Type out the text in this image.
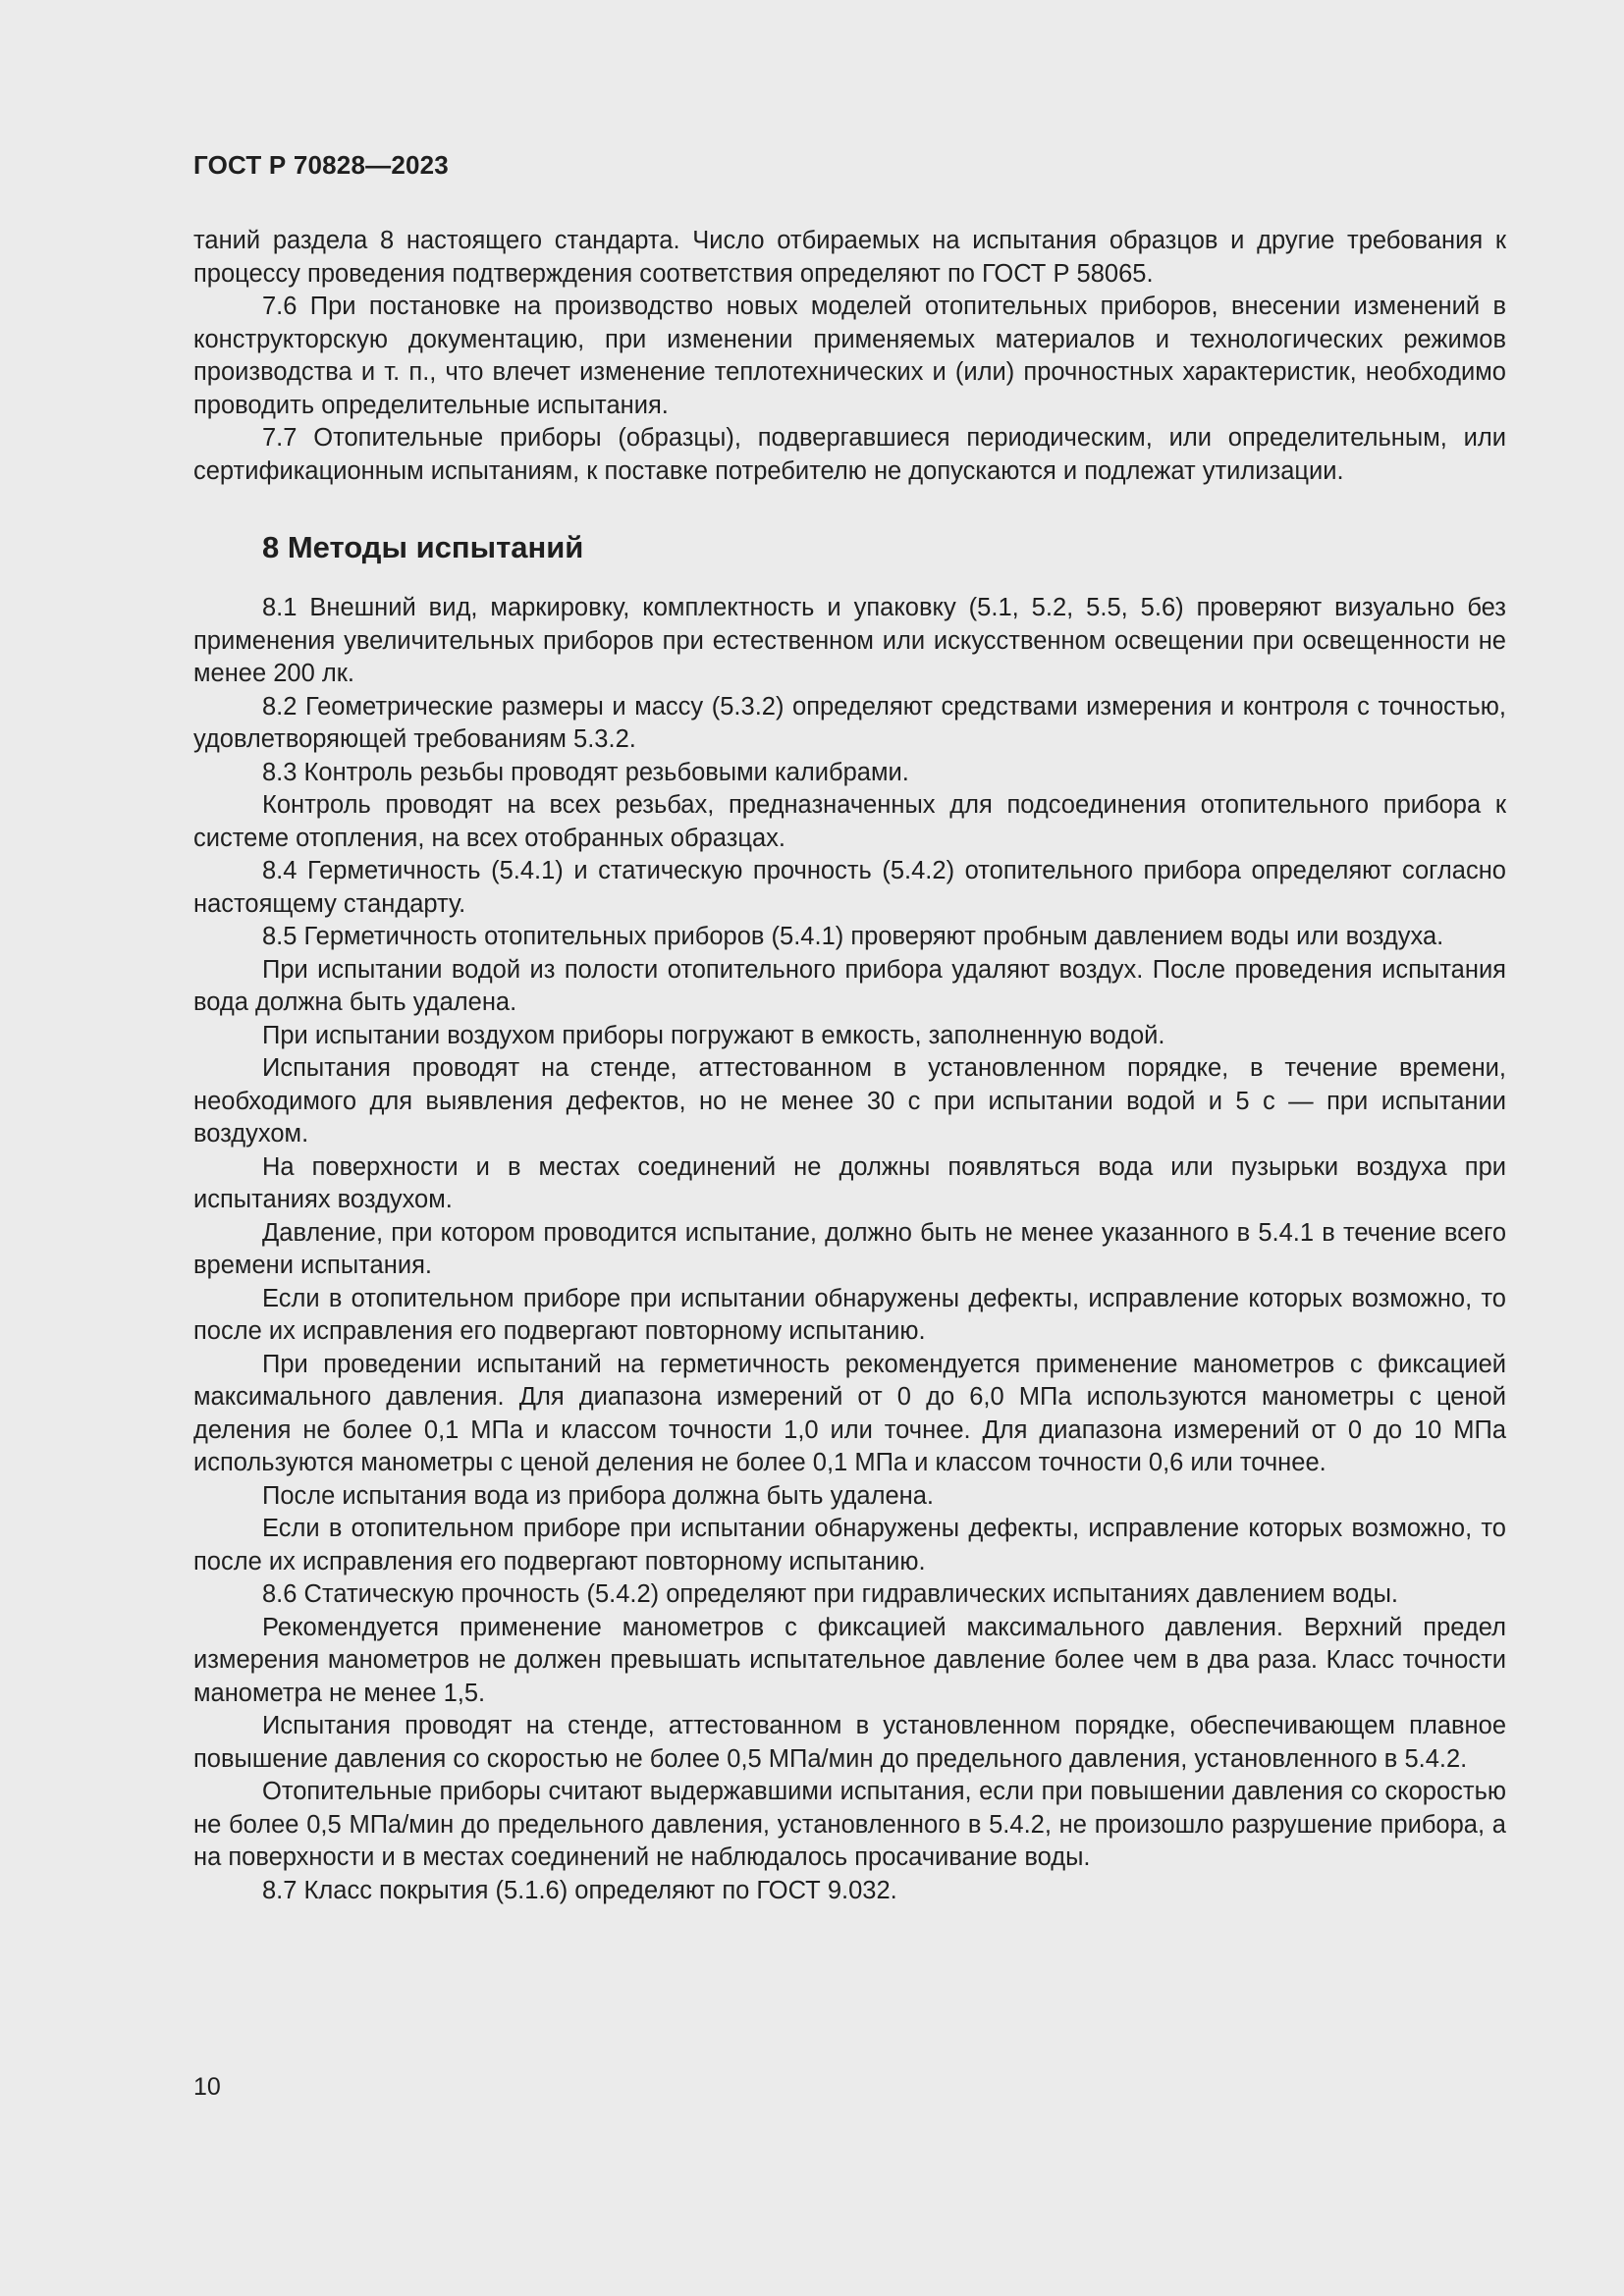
ГОСТ Р 70828—2023

таний раздела 8 настоящего стандарта. Число отбираемых на испытания образцов и другие требования к процессу проведения подтверждения соответствия определяют по ГОСТ Р 58065.

7.6 При постановке на производство новых моделей отопительных приборов, внесении изменений в конструкторскую документацию, при изменении применяемых материалов и технологических режимов производства и т. п., что влечет изменение теплотехнических и (или) прочностных характеристик, необходимо проводить определительные испытания.

7.7 Отопительные приборы (образцы), подвергавшиеся периодическим, или определительным, или сертификационным испытаниям, к поставке потребителю не допускаются и подлежат утилизации.

8 Методы испытаний

8.1 Внешний вид, маркировку, комплектность и упаковку (5.1, 5.2, 5.5, 5.6) проверяют визуально без применения увеличительных приборов при естественном или искусственном освещении при освещенности не менее 200 лк.

8.2 Геометрические размеры и массу (5.3.2) определяют средствами измерения и контроля с точностью, удовлетворяющей требованиям 5.3.2.

8.3 Контроль резьбы проводят резьбовыми калибрами.

Контроль проводят на всех резьбах, предназначенных для подсоединения отопительного прибора к системе отопления, на всех отобранных образцах.

8.4 Герметичность (5.4.1) и статическую прочность (5.4.2) отопительного прибора определяют согласно настоящему стандарту.

8.5 Герметичность отопительных приборов (5.4.1) проверяют пробным давлением воды или воздуха.

При испытании водой из полости отопительного прибора удаляют воздух. После проведения испытания вода должна быть удалена.

При испытании воздухом приборы погружают в емкость, заполненную водой.

Испытания проводят на стенде, аттестованном в установленном порядке, в течение времени, необходимого для выявления дефектов, но не менее 30 с при испытании водой и 5 с — при испытании воздухом.

На поверхности и в местах соединений не должны появляться вода или пузырьки воздуха при испытаниях воздухом.

Давление, при котором проводится испытание, должно быть не менее указанного в 5.4.1 в течение всего времени испытания.

Если в отопительном приборе при испытании обнаружены дефекты, исправление которых возможно, то после их исправления его подвергают повторному испытанию.

При проведении испытаний на герметичность рекомендуется применение манометров с фиксацией максимального давления. Для диапазона измерений от 0 до 6,0 МПа используются манометры с ценой деления не более 0,1 МПа и классом точности 1,0 или точнее. Для диапазона измерений от 0 до 10 МПа используются манометры с ценой деления не более 0,1 МПа и классом точности 0,6 или точнее.

После испытания вода из прибора должна быть удалена.

Если в отопительном приборе при испытании обнаружены дефекты, исправление которых возможно, то после их исправления его подвергают повторному испытанию.

8.6 Статическую прочность (5.4.2) определяют при гидравлических испытаниях давлением воды.

Рекомендуется применение манометров с фиксацией максимального давления. Верхний предел измерения манометров не должен превышать испытательное давление более чем в два раза. Класс точности манометра не менее 1,5.

Испытания проводят на стенде, аттестованном в установленном порядке, обеспечивающем плавное повышение давления со скоростью не более 0,5 МПа/мин до предельного давления, установленного в 5.4.2.

Отопительные приборы считают выдержавшими испытания, если при повышении давления со скоростью не более 0,5 МПа/мин до предельного давления, установленного в 5.4.2, не произошло разрушение прибора, а на поверхности и в местах соединений не наблюдалось просачивание воды.

8.7 Класс покрытия (5.1.6) определяют по ГОСТ 9.032.

10
